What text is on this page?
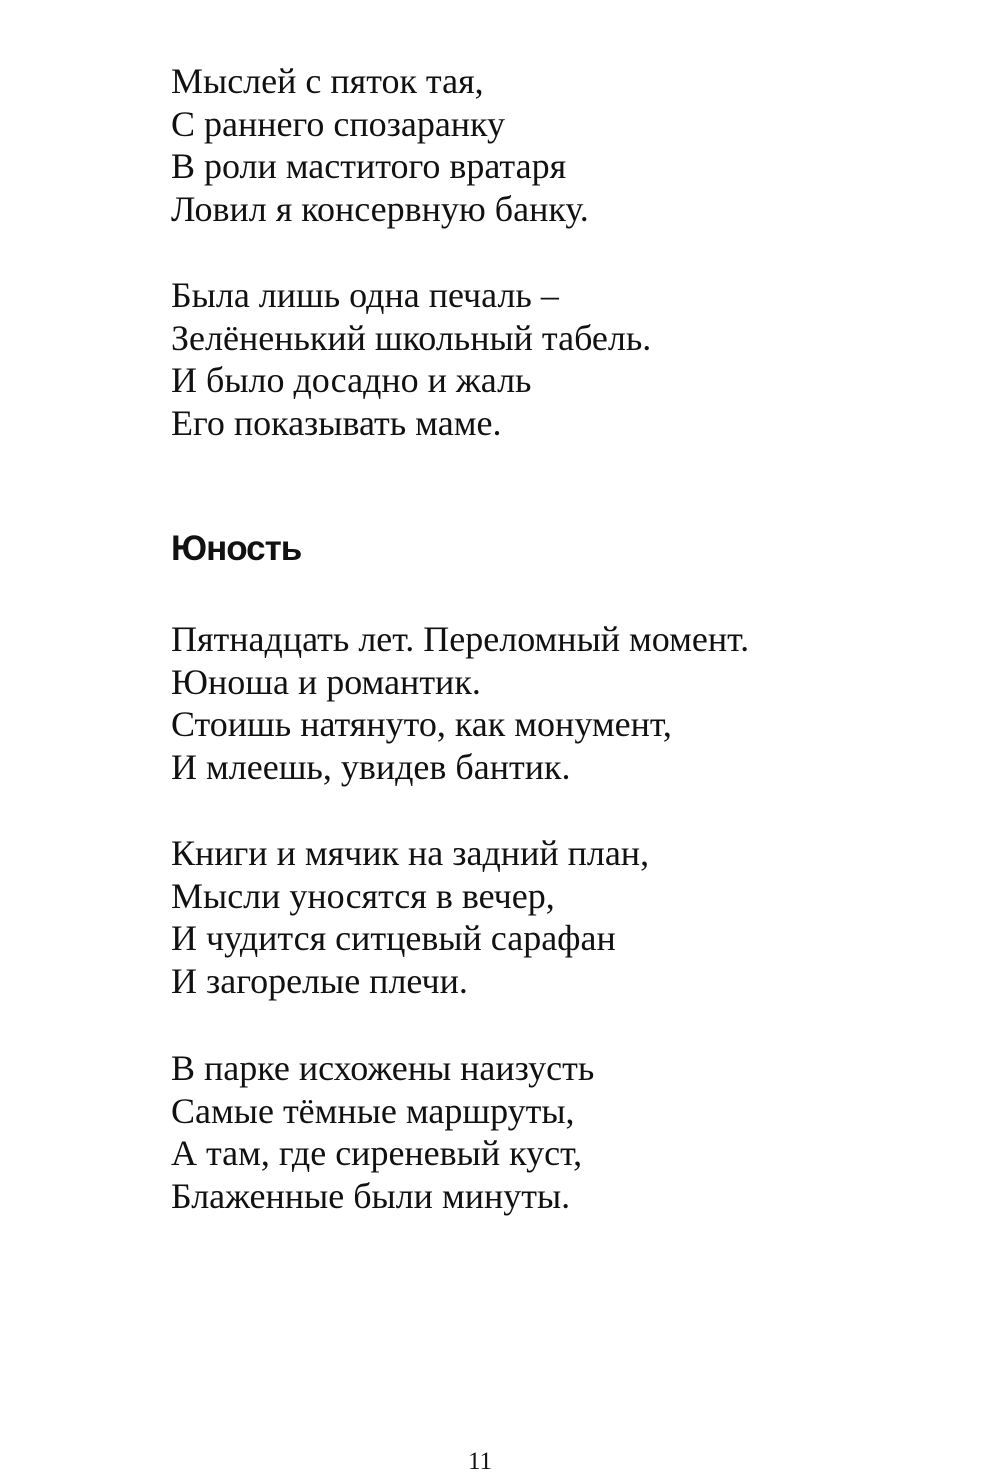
Мыслей с пяток тая,
С раннего спозаранку
В роли маститого вратаря
Ловил я консервную банку.
Была лишь одна печаль –
Зелёненький школьный табель.
И было досадно и жаль
Его показывать маме.
Юность
Пятнадцать лет. Переломный момент.
Юноша и романтик.
Стоишь натянуто, как монумент,
И млеешь, увидев бантик.
Книги и мячик на задний план,
Мысли уносятся в вечер,
И чудится ситцевый сарафан
И загорелые плечи.
В парке исхожены наизусть
Самые тёмные маршруты,
А там, где сиреневый куст,
Блаженные были минуты.
11
